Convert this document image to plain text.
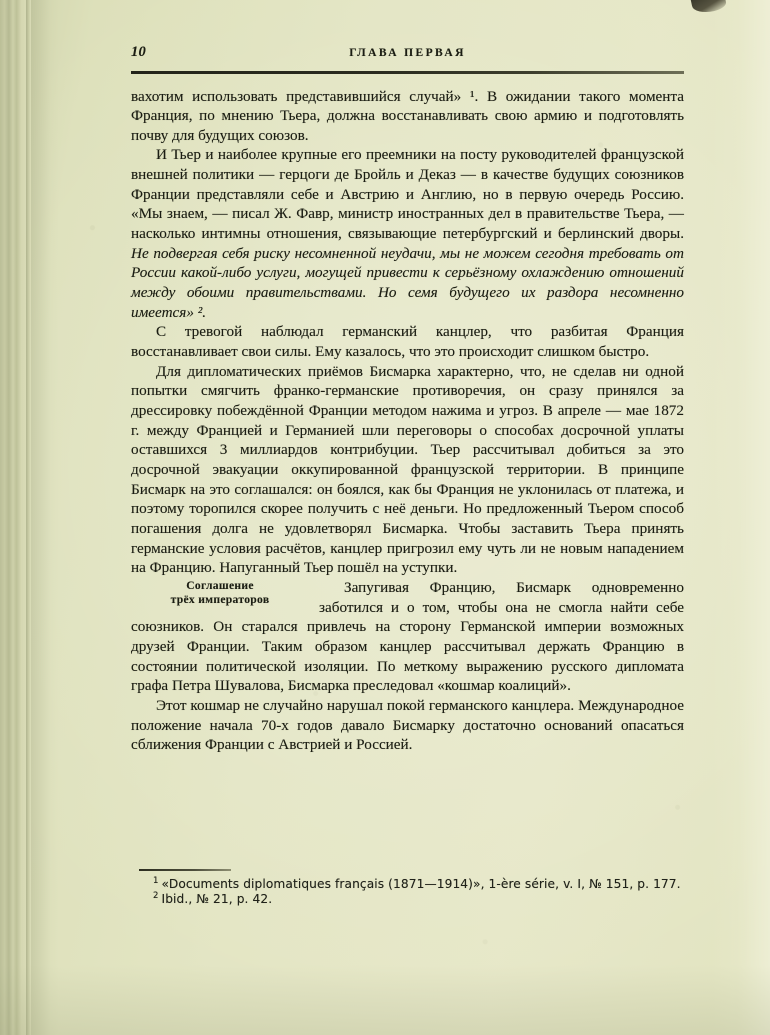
10	ГЛАВА ПЕРВАЯ

вахотим использовать представившийся случай» ¹. В ожидании такого момента Франция, по мнению Тьера, должна восстанавливать свою армию и подготовлять почву для будущих союзов.

И Тьер и наиболее крупные его преемники на посту руководителей французской внешней политики — герцоги де Бройль и Деказ — в качестве будущих союзников Франции представляли себе и Австрию и Англию, но в первую очередь Россию. «Мы знаем, — писал Ж. Фавр, министр иностранных дел в правительстве Тьера, — насколько интимны отношения, связывающие петербургский и берлинский дворы. Не подвергая себя риску несомненной неудачи, мы не можем сегодня требовать от России какой-либо услуги, могущей привести к серьёзному охлаждению отношений между обоими правительствами. Но семя будущего их раздора несомненно имеется» ².

С тревогой наблюдал германский канцлер, что разбитая Франция восстанавливает свои силы. Ему казалось, что это происходит слишком быстро.

Для дипломатических приёмов Бисмарка характерно, что, не сделав ни одной попытки смягчить франко-германские противоречия, он сразу принялся за дрессировку побеждённой Франции методом нажима и угроз. В апреле — мае 1872 г. между Францией и Германией шли переговоры о способах досрочной уплаты оставшихся 3 миллиардов контрибуции. Тьер рассчитывал добиться за это досрочной эвакуации оккупированной французской территории. В принципе Бисмарк на это соглашался: он боялся, как бы Франция не уклонилась от платежа, и поэтому торопился скорее получить с неё деньги. Но предложенный Тьером способ погашения долга не удовлетворял Бисмарка. Чтобы заставить Тьера принять германские условия расчётов, канцлер пригрозил ему чуть ли не новым нападением на Францию. Напуганный Тьер пошёл на уступки.

Соглашение
трёх императоров
Запугивая Францию, Бисмарк одновременно заботился и о том, чтобы она не смогла найти себе союзников. Он старался привлечь на сторону Германской империи возможных друзей Франции. Таким образом канцлер рассчитывал держать Францию в состоянии политической изоляции. По меткому выражению русского дипломата графа Петра Шувалова, Бисмарка преследовал «кошмар коалиций».

Этот кошмар не случайно нарушал покой германского канцлера. Международное положение начала 70-х годов давало Бисмарку достаточно оснований опасаться сближения Франции с Австрией и Россией.

$^1$ «Documents diplomatiques français (1871—1914)», 1-ère série, v. I, № 151, p. 177.
$^2$ Ibid., № 21, p. 42.
